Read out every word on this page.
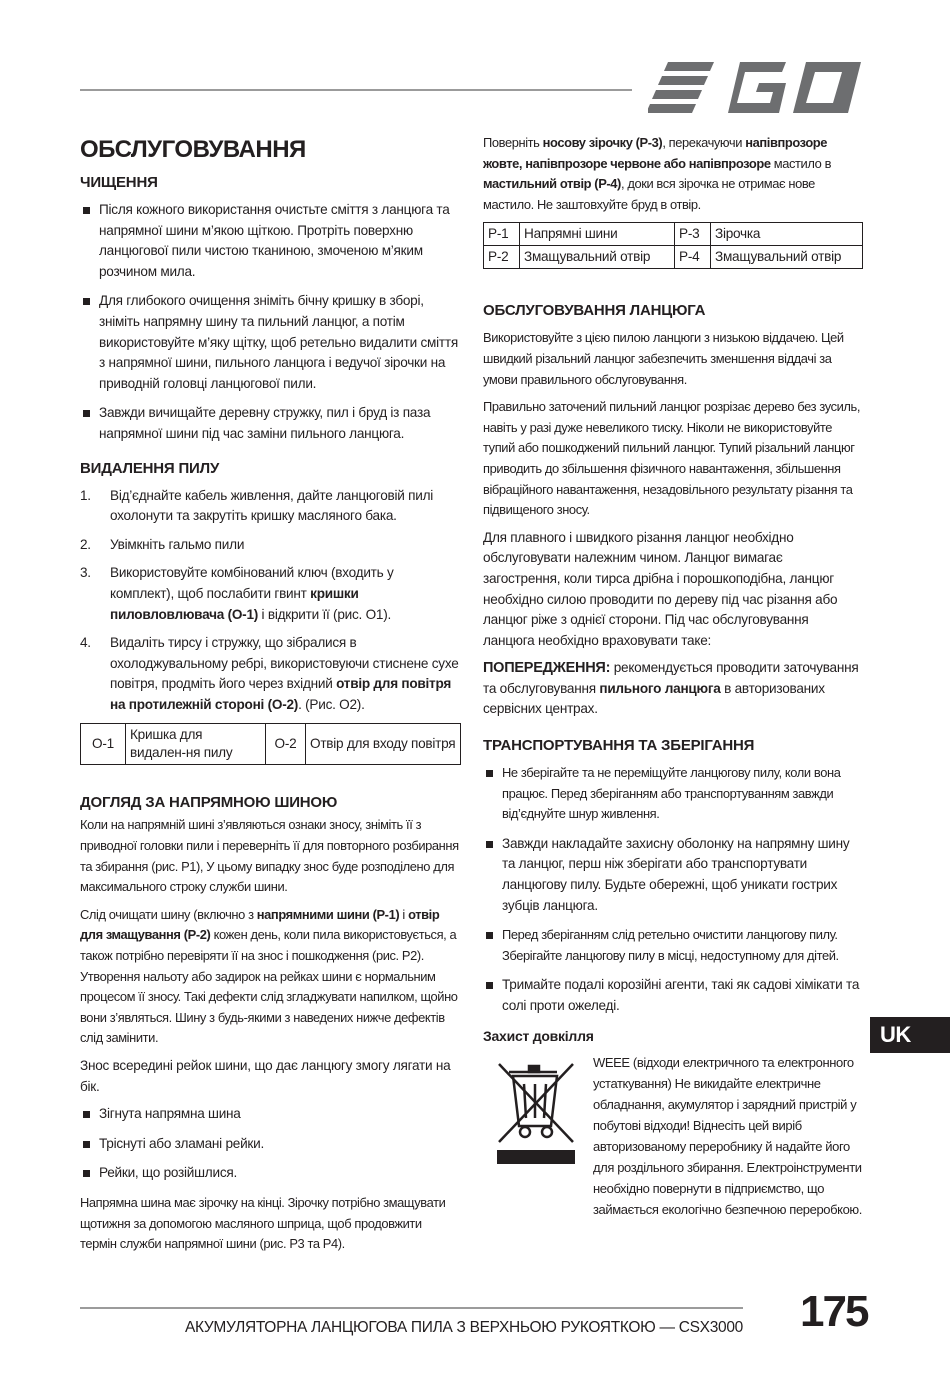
ОБСЛУГОВУВАННЯ
ЧИЩЕННЯ
Після кожного використання очистьте сміття з ланцюга та напрямної шини м’якою щіткою. Протріть поверхню ланцюгової пили чистою тканиною, змоченою м’яким розчином мила.
Для глибокого очищення зніміть бічну кришку в зборі, зніміть напрямну шину та пильний ланцюг, а потім використовуйте м’яку щітку, щоб ретельно видалити сміття з напрямної шини, пильного ланцюга і ведучої зірочки на приводній головці ланцюгової пили.
Завжди вичищайте деревну стружку, пил і бруд із паза напрямної шини під час заміни пильного ланцюга.
ВИДАЛЕННЯ ПИЛУ
1. Від’єднайте кабель живлення, дайте ланцюговій пилі охолонути та закрутіть кришку масляного бака.
2. Увімкніть гальмо пили
3. Використовуйте комбінований ключ (входить у комплект), щоб послабити гвинт кришки пиловловлювача (O-1) і відкрити її (рис. O1).
4. Видаліть тирсу і стружку, що зібралися в охолоджувальному ребрі, використовуючи стиснене сухе повітря, продміть його через вхідний отвір для повітря на протилежній стороні (O-2). (Рис. O2).
O-1	Кришка для видален-ня пилу	O-2	Отвір для входу повітря
ДОГЛЯД ЗА НАПРЯМНОЮ ШИНОЮ

Коли на напрямній шині з’являються ознаки зносу, зніміть її з приводної головки пили і переверніть її для повторного розбирання та збирання (рис. P1), У цьому випадку знос буде розподілено для максимального строку служби шини.

Слід очищати шину (включно з напрямними шини (P-1) і отвір для змащування (P-2) кожен день, коли пила використовується, а також потрібно перевіряти її на знос і пошкодження (рис. P2). Утворення нальоту або задирок на рейках шини є нормальним процесом її зносу. Такі дефекти слід згладжувати напилком, щойно вони з’являться. Шину з будь-якими з наведених нижче дефектів слід замінити.

Знос всередині рейок шини, що дає ланцюгу змогу лягати на бік.

Зігнута напрямна шина
Тріснуті або зламані рейки.
Рейки, що розійшлися.

Напрямна шина має зірочку на кінці. Зірочку потрібно змащувати щотижня за допомогою масляного шприца, щоб продовжити термін служби напрямної шини (рис. P3 та P4).

Поверніть носову зірочку (P-3), перекачуючи напівпрозоре жовте, напівпрозоре червоне або напівпрозоре мастило в мастильний отвір (P-4), доки вся зірочка не отримає нове мастило. Не заштовхуйте бруд в отвір.

P-1	Напрямні шини	P-3	Зірочка
P-2	Змащувальний отвір	P-4	Змащувальний отвір
ОБСЛУГОВУВАННЯ ЛАНЦЮГА

Використовуйте з цією пилою ланцюги з низькою віддачею. Цей швидкий різальний ланцюг забезпечить зменшення віддачі за умови правильного обслуговування.

Правильно заточений пильний ланцюг розрізає дерево без зусиль, навіть у разі дуже невеликого тиску. Ніколи не використовуйте тупий або пошкоджений пильний ланцюг. Тупий різальний ланцюг приводить до збільшення фізичного навантаження, збільшення вібраційного навантаження, незадовільного результату різання та підвищеного зносу.

Для плавного і швидкого різання ланцюг необхідно обслуговувати належним чином. Ланцюг вимагає загострення, коли тирса дрібна і порошкоподібна, ланцюг необхідно силою проводити по дереву під час різання або ланцюг ріже з однієї сторони. Під час обслуговування ланцюга необхідно враховувати таке:

ПОПЕРЕДЖЕННЯ: рекомендується проводити заточування та обслуговування пильного ланцюга в авторизованих сервісних центрах.

ТРАНСПОРТУВАННЯ ТА ЗБЕРІГАННЯ
Не зберігайте та не переміщуйте ланцюгову пилу, коли вона працює. Перед зберіганням або транспортуванням завжди від’єднуйте шнур живлення.
Завжди накладайте захисну оболонку на напрямну шину та ланцюг, перш ніж зберігати або транспортувати ланцюгову пилу. Будьте обережні, щоб уникати гострих зубців ланцюга.
Перед зберіганням слід ретельно очистити ланцюгову пилу. Зберігайте ланцюгову пилу в місці, недоступному для дітей.
Тримайте подалі корозійні агенти, такі як садові хімікати та солі проти ожеледі.
Захист довкілля
WEEE (відходи електричного та електронного устаткування) Не викидайте електричне обладнання, акумулятор і зарядний пристрій у побутові відходи! Віднесіть цей виріб авторизованому переробнику й надайте його для роздільного збирання. Електроінструменти необхідно повернути в підприємство, що займається екологічно безпечною переробкою.
UK
АКУМУЛЯТОРНА ЛАНЦЮГОВА ПИЛА З ВЕРХНЬОЮ РУКОЯТКОЮ — CSX3000 175
